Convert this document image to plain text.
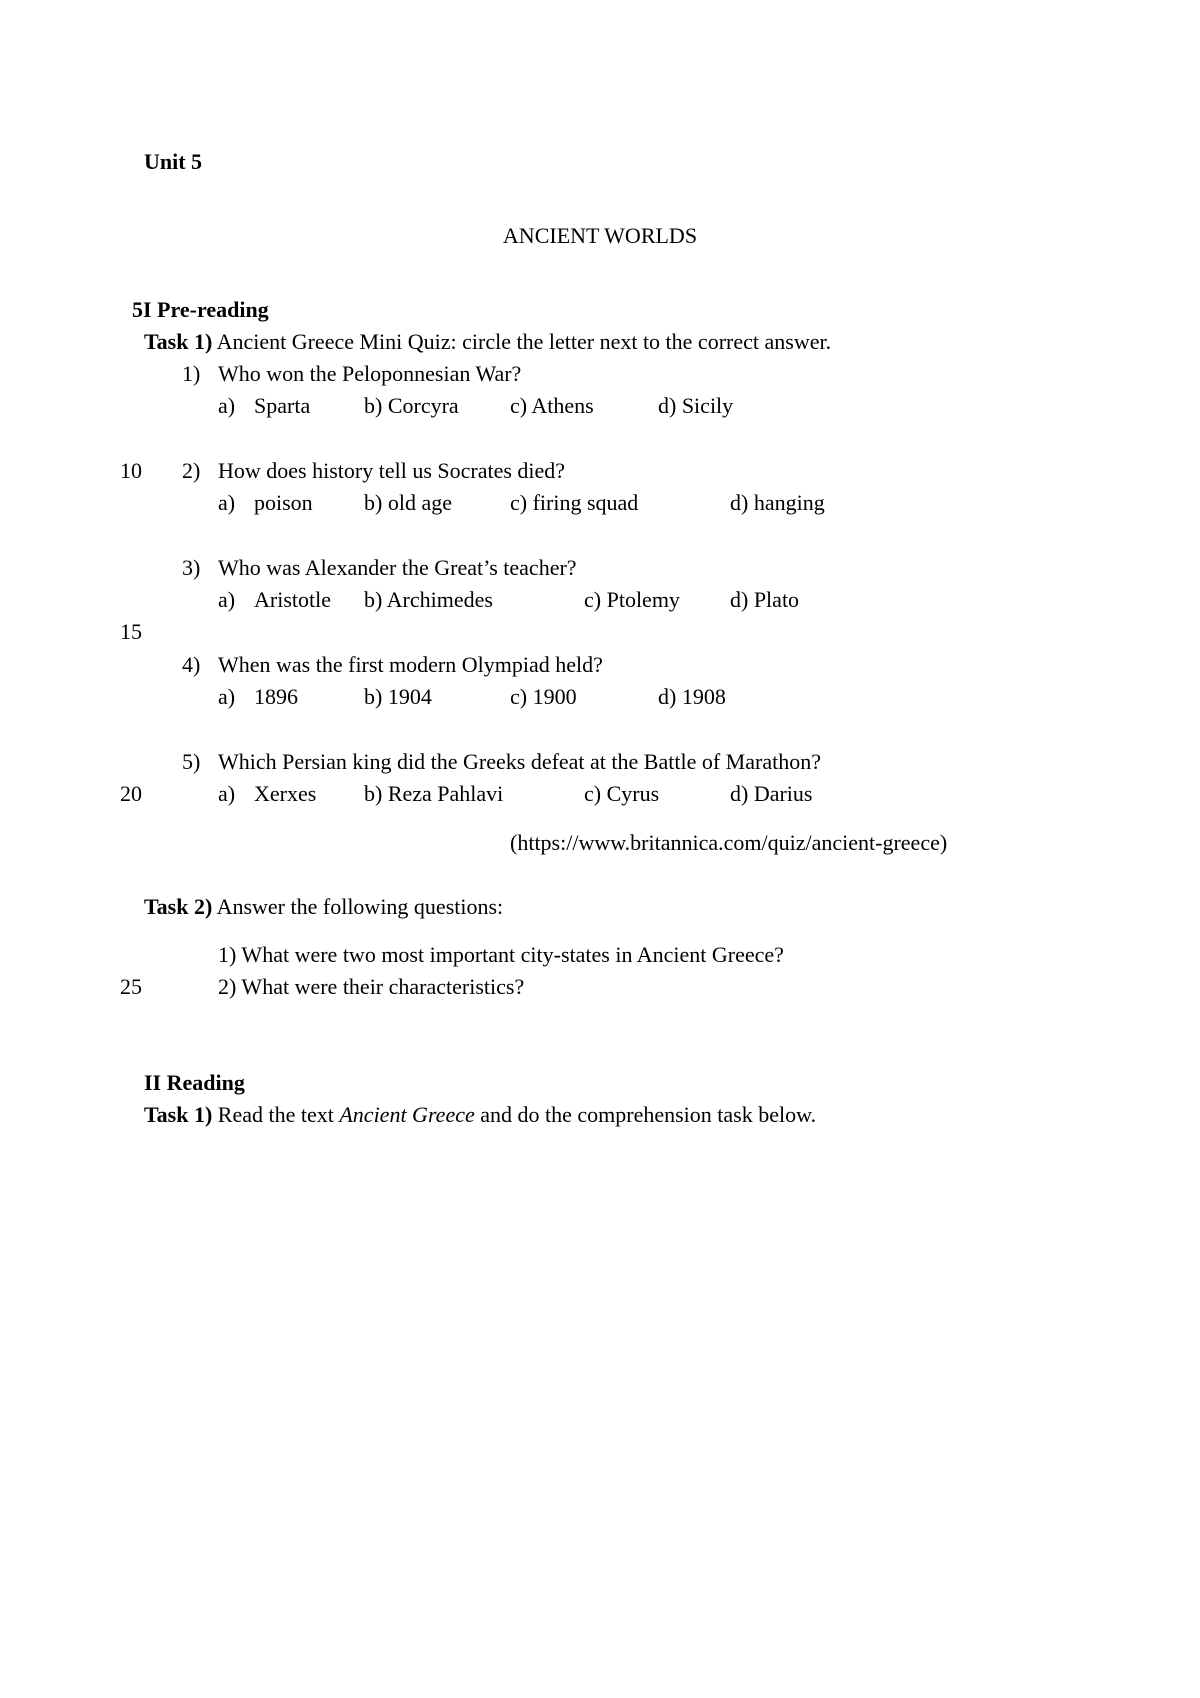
Unit 5
ANCIENT WORLDS
5I Pre-reading
Task 1) Ancient Greece Mini Quiz: circle the letter next to the correct answer.
1) Who won the Peloponnesian War?
a) Sparta b) Corcyra c) Athens	d) Sicily
10 2) How does history tell us Socrates died?
a) poison b) old age	c) firing squad	d) hanging
3) Who was Alexander the Great’s teacher?
a) Aristotle b) Archimedes	c) Ptolemy d) Plato
15
4) When was the first modern Olympiad held?
a) 1896	b) 1904	c) 1900	d) 1908
5) Which Persian king did the Greeks defeat at the Battle of Marathon?
20	a) Xerxes b) Reza Pahlavi	c) Cyrus	d) Darius
(https://www.britannica.com/quiz/ancient-greece)
Task 2) Answer the following questions:
1) What were two most important city-states in Ancient Greece?
25	2) What were their characteristics?
II Reading
Task 1) Read the text Ancient Greece and do the comprehension task below.
